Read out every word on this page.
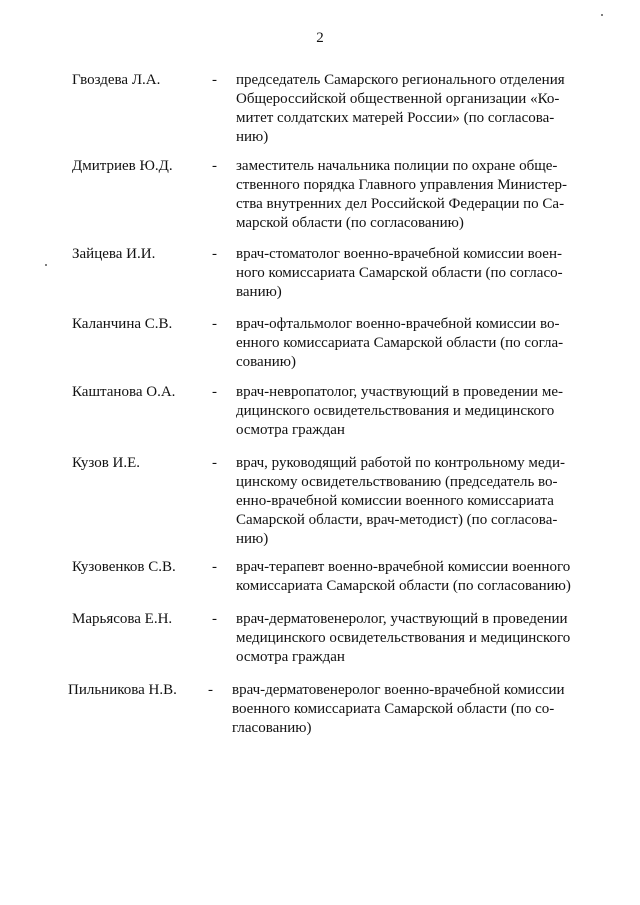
2
Гвоздева Л.А.	- председатель Самарского регионального отделения
Общероссийской общественной организации «Ко-
митет солдатских матерей России» (по согласова-
нию)
Дмитриев Ю.Д.	- заместитель начальника полиции по охране обще-
ственного порядка Главного управления Министер-
ства внутренних дел Российской Федерации по Са-
марской области (по согласованию)
Зайцева И.И.	- врач-стоматолог военно-врачебной комиссии воен-
ного комиссариата Самарской области (по согласо-
ванию)
Каланчина С.В.	- врач-офтальмолог военно-врачебной комиссии во-
енного комиссариата Самарской области (по согла-
сованию)
Каштанова О.А. - врач-невропатолог, участвующий в проведении ме-
дицинского освидетельствования и медицинского
осмотра граждан
Кузов И.Е.	- врач, руководящий работой по контрольному меди-
цинскому освидетельствованию (председатель во-
енно-врачебной комиссии военного комиссариата
Самарской области, врач-методист) (по согласова-
нию)
Кузовенков С.В. - врач-терапевт военно-врачебной комиссии военного
комиссариата Самарской области (по согласованию)
Марьясова Е.Н.	- врач-дерматовенеролог, участвующий в проведении
медицинского освидетельствования и медицинского
осмотра граждан
Пильникова Н.В. - врач-дерматовенеролог военно-врачебной комиссии
военного комиссариата Самарской области (по со-
гласованию)
